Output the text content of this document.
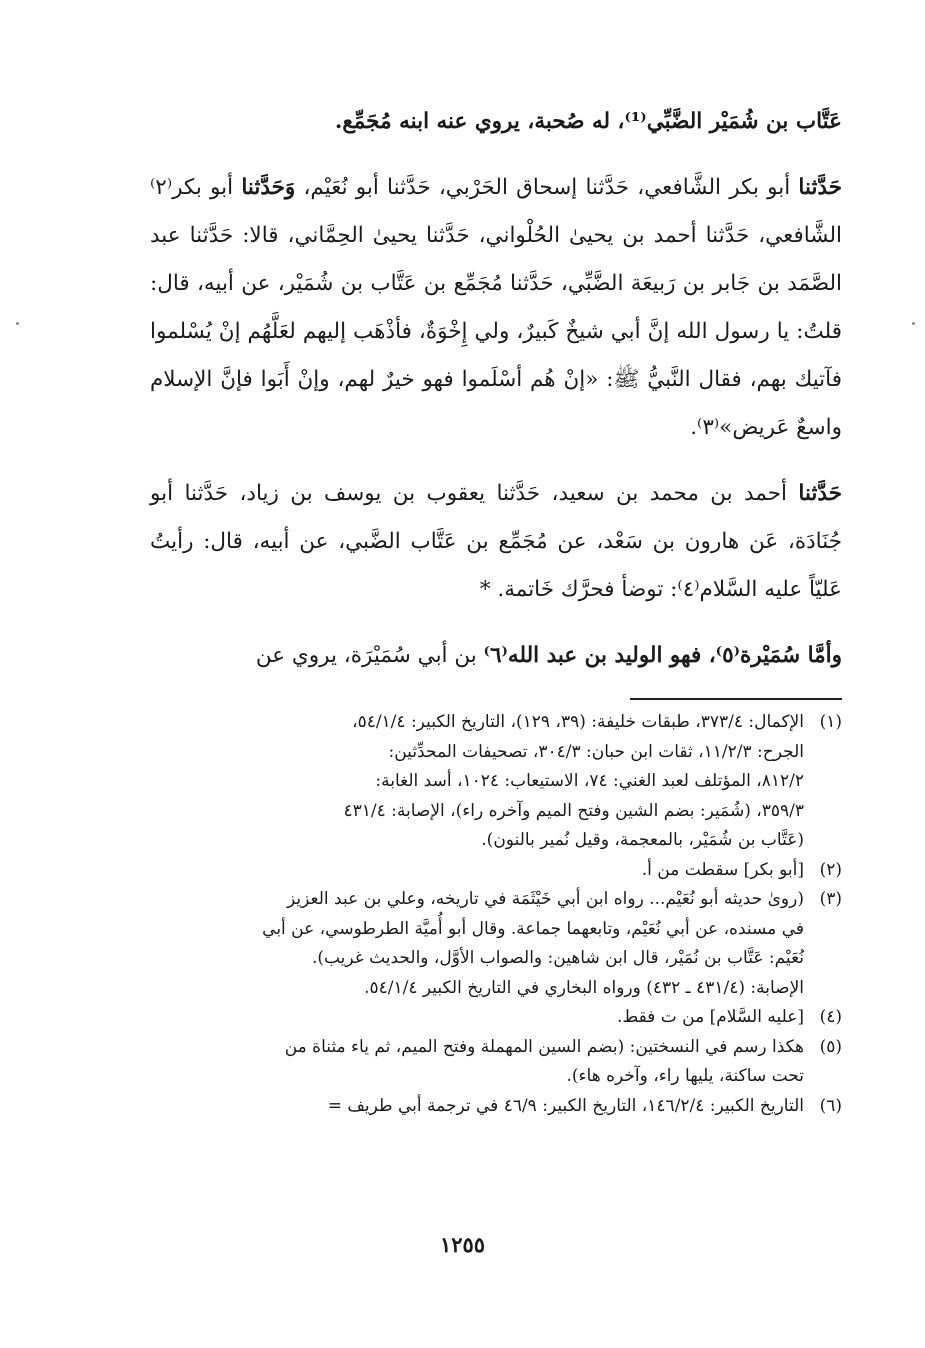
عَتَّاب بن شُمَيْر الضَّبِّي⁽¹⁾، له صُحبة، يروي عنه ابنه مُجَمِّع.

حَدَّثنا أبو بكر الشَّافعي، حَدَّثنا إسحاق الحَرْبي، حَدَّثنا أبو نُعَيْم، وَحَدَّثنا أبو بكر⁽٢⁾ الشَّافعي، حَدَّثنا أحمد بن يحيىٰ الحُلْواني، حَدَّثنا يحيىٰ الحِمَّاني، قالا: حَدَّثنا عبد الصَّمَد بن جَابر بن رَبيعَة الضَّبِّي، حَدَّثنا مُجَمِّع بن عَتَّاب بن شُمَيْر، عن أبيه، قال: قلتُ: يا رسول الله إنَّ أبي شيخٌ كَبيرٌ، ولي إِخْوَةٌ، فأذْهَب إليهم لعَلَّهُم إنْ يُسْلموا فآتيك بهم، فقال النَّبيُّ ﷺ: «إنْ هُم أسْلَموا فهو خيرٌ لهم، وإنْ أَبَوا فإنَّ الإسلام واسعٌ عَريض»⁽٣⁾.

حَدَّثنا أحمد بن محمد بن سعيد، حَدَّثنا يعقوب بن يوسف بن زياد، حَدَّثنا أبو جُنَادَة، عَن هارون بن سَعْد، عن مُجَمِّع بن عَتَّاب الضَّبي، عن أبيه، قال: رأيتُ عَليّاً عليه السَّلام⁽٤⁾: توضأ فحرَّك خَاتمة. *

وأمَّا سُمَيْرة⁽٥⁾، فهو الوليد بن عبد الله⁽٦⁾ بن أبي سُمَيْرَة، يروي عن

(١)
الإكمال: ٣٧٣/٤، طبقات خليفة: (٣٩، ١٢٩)، التاريخ الكبير: ٥٤/١/٤،
الجرح: ١١/٢/٣، ثقات ابن حبان: ٣٠٤/٣، تصحيفات المحدِّثين:
٨١٢/٢، المؤتلف لعبد الغني: ٧٤، الاستيعاب: ١٠٢٤، أسد الغابة:
٣٥٩/٣، (شُمَير: بضم الشين وفتح الميم وآخره راء)، الإصابة: ٤٣١/٤
(عَتَّاب بن شُمَيْر، بالمعجمة، وقيل نُمير بالنون).
(٢)
[أبو بكر] سقطت من أ.
(٣)
(روىٰ حديثه أبو نُعَيْم... رواه ابن أبي خَيْثَمَة في تاريخه، وعلي بن عبد العزيز
في مسنده، عن أبي نُعَيْم، وتابعهما جماعة. وقال أبو أُميَّة الطرطوسي، عن أبي
نُعَيْم: عَتَّاب بن نُمَيْر، قال ابن شاهين: والصواب الأوَّل، والحديث غريب).
الإصابة: (٤٣١/٤ ـ ٤٣٢) ورواه البخاري في التاريخ الكبير ٥٤/١/٤.
(٤)
[عليه السَّلام] من ت فقط.
(٥)
هكذا رسم في النسختين: (بضم السين المهملة وفتح الميم، ثم ياء مثناة من
تحت ساكنة، يليها راء، وآخره هاء).
(٦)
التاريخ الكبير: ١٤٦/٢/٤، التاريخ الكبير: ٤٦/٩ في ترجمة أبي طريف =
١٢٥٥
